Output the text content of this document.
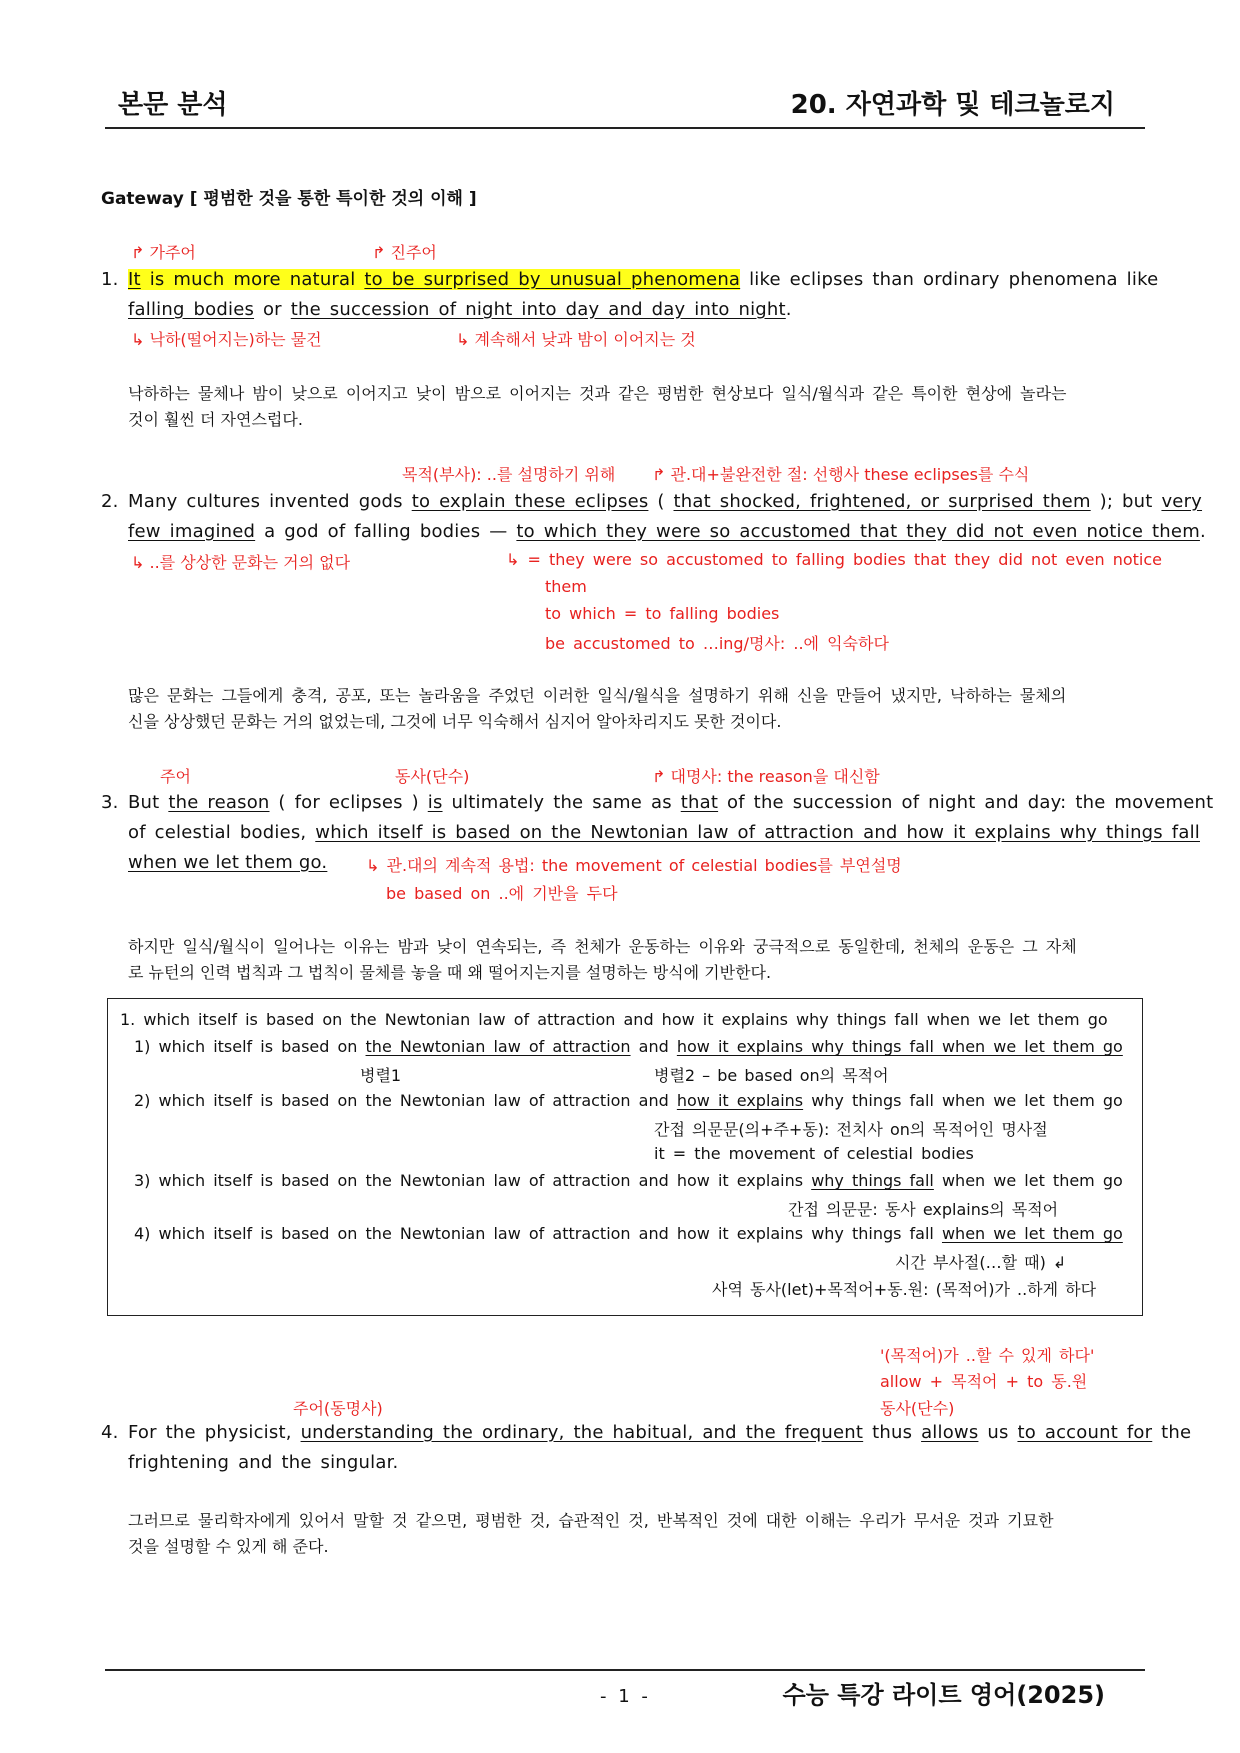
본문 분석	20. 자연과학 및 테크놀로지
Gateway [ 평범한 것을 통한 특이한 것의 이해 ]
↱ 가주어	↱ 진주어
1. It is much more natural to be surprised by unusual phenomena like eclipses than ordinary phenomena like
falling bodies or the succession of night into day and day into night.
↳ 낙하(떨어지는)하는 물건	↳ 계속해서 낮과 밤이 이어지는 것
낙하하는 물체나 밤이 낮으로 이어지고 낮이 밤으로 이어지는 것과 같은 평범한 현상보다 일식/월식과 같은 특이한 현상에 놀라는
것이 훨씬 더 자연스럽다.
목적(부사): ..를 설명하기 위해 ↱ 관.대+불완전한 절: 선행사 these eclipses를 수식
2. Many cultures invented gods to explain these eclipses ( that shocked, frightened, or surprised them ); but very
few imagined a god of falling bodies — to which they were so accustomed that they did not even notice them.
↳ ..를 상상한 문화는 거의 없다	↳ = they were so accustomed to falling bodies that they did not even notice
them
to which = to falling bodies
be accustomed to …ing/명사: ..에 익숙하다
많은 문화는 그들에게 충격, 공포, 또는 놀라움을 주었던 이러한 일식/월식을 설명하기 위해 신을 만들어 냈지만, 낙하하는 물체의
신을 상상했던 문화는 거의 없었는데, 그것에 너무 익숙해서 심지어 알아차리지도 못한 것이다.
주어	동사(단수)	↱ 대명사: the reason을 대신함
3. But the reason ( for eclipses ) is ultimately the same as that of the succession of night and day: the movement
of celestial bodies, which itself is based on the Newtonian law of attraction and how it explains why things fall
when we let them go. ↳ 관.대의 계속적 용법: the movement of celestial bodies를 부연설명
be based on ..에 기반을 두다
하지만 일식/월식이 일어나는 이유는 밤과 낮이 연속되는, 즉 천체가 운동하는 이유와 궁극적으로 동일한데, 천체의 운동은 그 자체
로 뉴턴의 인력 법칙과 그 법칙이 물체를 놓을 때 왜 떨어지는지를 설명하는 방식에 기반한다.
1. which itself is based on the Newtonian law of attraction and how it explains why things fall when we let them go
1) which itself is based on the Newtonian law of attraction and how it explains why things fall when we let them go
병렬1	병렬2 – be based on의 목적어
2) which itself is based on the Newtonian law of attraction and how it explains why things fall when we let them go
간접 의문문(의+주+동): 전치사 on의 목적어인 명사절
it = the movement of celestial bodies
3) which itself is based on the Newtonian law of attraction and how it explains why things fall when we let them go
간접 의문문: 동사 explains의 목적어
4) which itself is based on the Newtonian law of attraction and how it explains why things fall when we let them go
시간 부사절(…할 때) ↲
사역 동사(let)+목적어+동.원: (목적어)가 ..하게 하다
'(목적어)가 ..할 수 있게 하다'
allow + 목적어 + to 동.원
주어(동명사)	동사(단수)
4. For the physicist, understanding the ordinary, the habitual, and the frequent thus allows us to account for the
frightening and the singular.
그러므로 물리학자에게 있어서 말할 것 같으면, 평범한 것, 습관적인 것, 반복적인 것에 대한 이해는 우리가 무서운 것과 기묘한
것을 설명할 수 있게 해 준다.
- 1 -	수능 특강 라이트 영어(2025)
